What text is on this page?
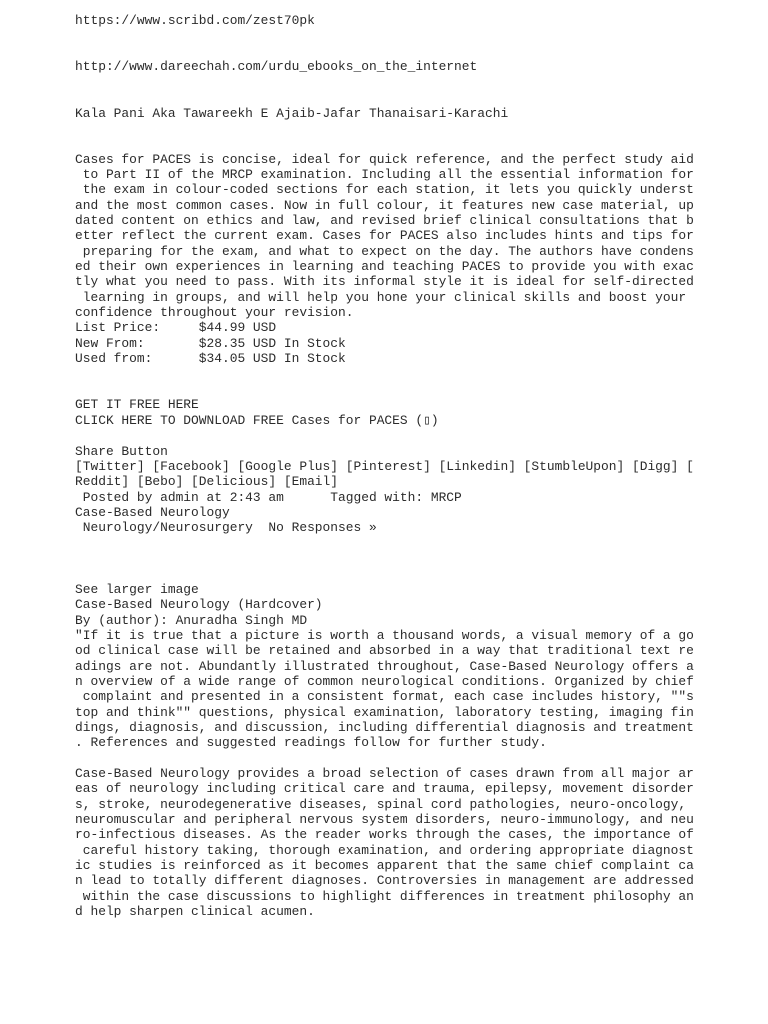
https://www.scribd.com/zest70pk
http://www.dareechah.com/urdu_ebooks_on_the_internet
Kala Pani Aka Tawareekh E Ajaib-Jafar Thanaisari-Karachi
Cases for PACES is concise, ideal for quick reference, and the perfect study aid
to Part II of the MRCP examination. Including all the essential information for
the exam in colour-coded sections for each station, it lets you quickly underst
and the most common cases. Now in full colour, it features new case material, up
dated content on ethics and law, and revised brief clinical consultations that b
etter reflect the current exam. Cases for PACES also includes hints and tips for
preparing for the exam, and what to expect on the day. The authors have condens
ed their own experiences in learning and teaching PACES to provide you with exac
tly what you need to pass. With its informal style it is ideal for self-directed
learning in groups, and will help you hone your clinical skills and boost your
confidence throughout your revision.
List Price:     $44.99 USD
New From:       $28.35 USD In Stock
Used from:      $34.05 USD In Stock
GET IT FREE HERE
CLICK HERE TO DOWNLOAD FREE Cases for PACES (▯)
Share Button
[Twitter] [Facebook] [Google Plus] [Pinterest] [Linkedin] [StumbleUpon] [Digg] [
Reddit] [Bebo] [Delicious] [Email]
Posted by admin at 2:43 am      Tagged with: MRCP
Case-Based Neurology
Neurology/Neurosurgery  No Responses »
See larger image
Case-Based Neurology (Hardcover)
By (author): Anuradha Singh MD
"If it is true that a picture is worth a thousand words, a visual memory of a go
od clinical case will be retained and absorbed in a way that traditional text re
adings are not. Abundantly illustrated throughout, Case-Based Neurology offers a
n overview of a wide range of common neurological conditions. Organized by chief
complaint and presented in a consistent format, each case includes history, ""s
top and think"" questions, physical examination, laboratory testing, imaging fin
dings, diagnosis, and discussion, including differential diagnosis and treatment
. References and suggested readings follow for further study.
Case-Based Neurology provides a broad selection of cases drawn from all major ar
eas of neurology including critical care and trauma, epilepsy, movement disorder
s, stroke, neurodegenerative diseases, spinal cord pathologies, neuro-oncology,
neuromuscular and peripheral nervous system disorders, neuro-immunology, and neu
ro-infectious diseases. As the reader works through the cases, the importance of
careful history taking, thorough examination, and ordering appropriate diagnost
ic studies is reinforced as it becomes apparent that the same chief complaint ca
n lead to totally different diagnoses. Controversies in management are addressed
within the case discussions to highlight differences in treatment philosophy an
d help sharpen clinical acumen.
